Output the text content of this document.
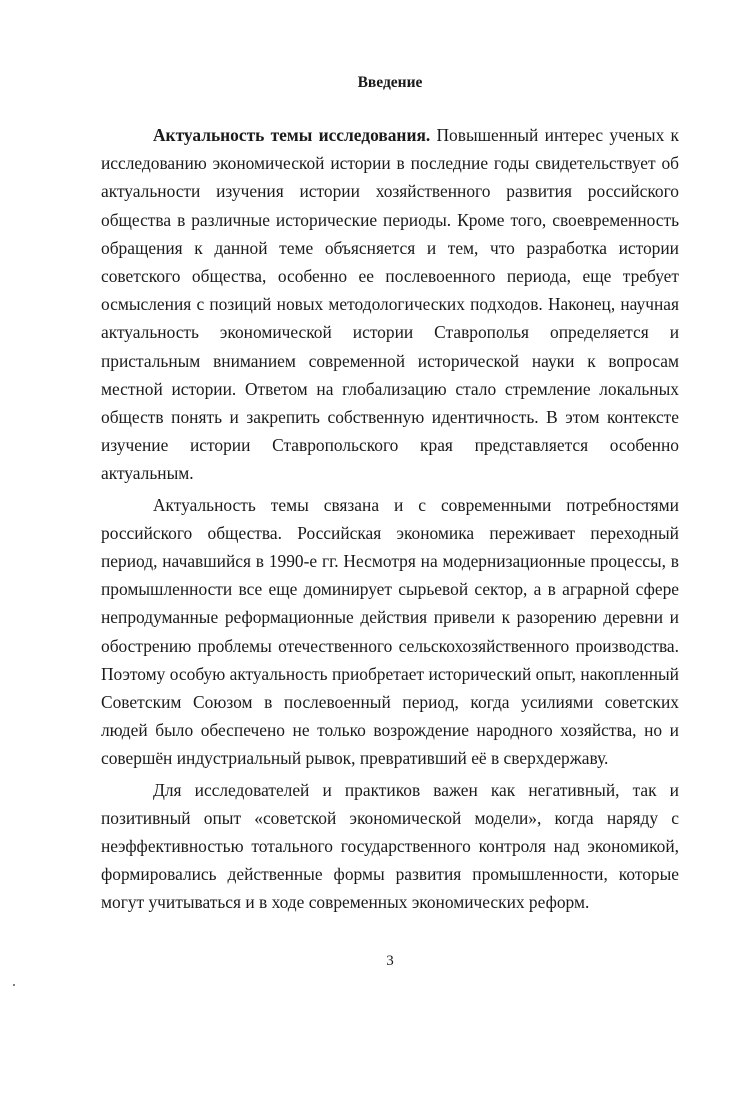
Введение

Актуальность темы исследования. Повышенный интерес ученых к исследованию экономической истории в последние годы свидетельствует об актуальности изучения истории хозяйственного развития российского общества в различные исторические периоды. Кроме того, своевременность обращения к данной теме объясняется и тем, что разработка истории советского общества, особенно ее послевоенного периода, еще требует осмысления с позиций новых методологических подходов. Наконец, научная актуальность экономической истории Ставрополья определяется и пристальным вниманием современной исторической науки к вопросам местной истории. Ответом на глобализацию стало стремление локальных обществ понять и закрепить собственную идентичность. В этом контексте изучение истории Ставропольского края представляется особенно актуальным.

Актуальность темы связана и с современными потребностями российского общества. Российская экономика переживает переходный период, начавшийся в 1990-е гг. Несмотря на модернизационные процессы, в промышленности все еще доминирует сырьевой сектор, а в аграрной сфере непродуманные реформационные действия привели к разорению деревни и обострению проблемы отечественного сельскохозяйственного производства. Поэтому особую актуальность приобретает исторический опыт, накопленный Советским Союзом в послевоенный период, когда усилиями советских людей было обеспечено не только возрождение народного хозяйства, но и совершён индустриальный рывок, превративший её в сверхдержаву.

Для исследователей и практиков важен как негативный, так и позитивный опыт «советской экономической модели», когда наряду с неэффективностью тотального государственного контроля над экономикой, формировались действенные формы развития промышленности, которые могут учитываться и в ходе современных экономических реформ.

3
